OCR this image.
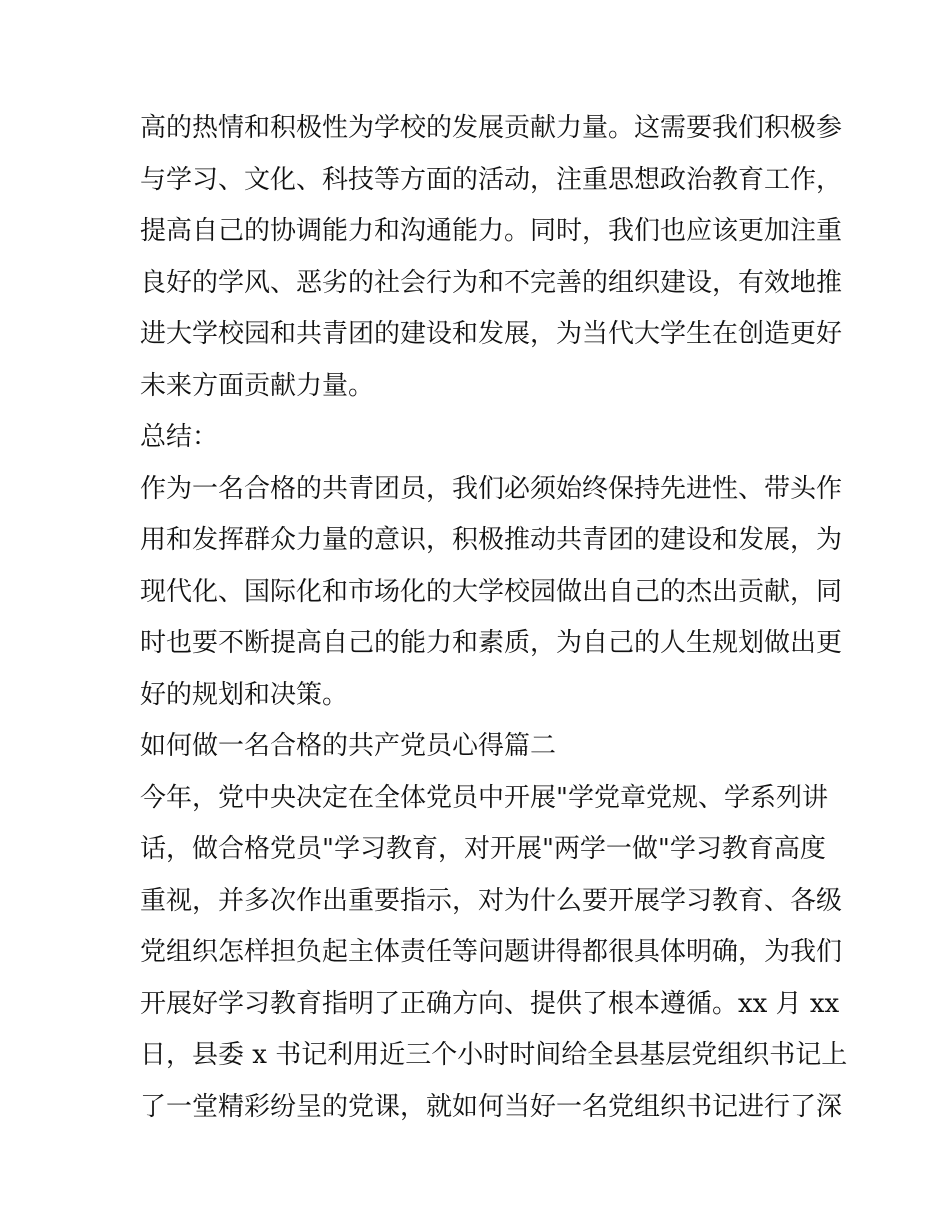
高的热情和积极性为学校的发展贡献力量。这需要我们积极参
与学习、文化、科技等方面的活动，注重思想政治教育工作，
提高自己的协调能力和沟通能力。同时，我们也应该更加注重
良好的学风、恶劣的社会行为和不完善的组织建设，有效地推
进大学校园和共青团的建设和发展，为当代大学生在创造更好
未来方面贡献力量。
总结：
作为一名合格的共青团员，我们必须始终保持先进性、带头作
用和发挥群众力量的意识，积极推动共青团的建设和发展，为
现代化、国际化和市场化的大学校园做出自己的杰出贡献，同
时也要不断提高自己的能力和素质，为自己的人生规划做出更
好的规划和决策。
如何做一名合格的共产党员心得篇二
今年，党中央决定在全体党员中开展"学党章党规、学系列讲
话，做合格党员"学习教育，对开展"两学一做"学习教育高度
重视，并多次作出重要指示，对为什么要开展学习教育、各级
党组织怎样担负起主体责任等问题讲得都很具体明确，为我们
开展好学习教育指明了正确方向、提供了根本遵循。xx 月 xx
日，县委 x 书记利用近三个小时时间给全县基层党组织书记上
了一堂精彩纷呈的党课，就如何当好一名党组织书记进行了深
